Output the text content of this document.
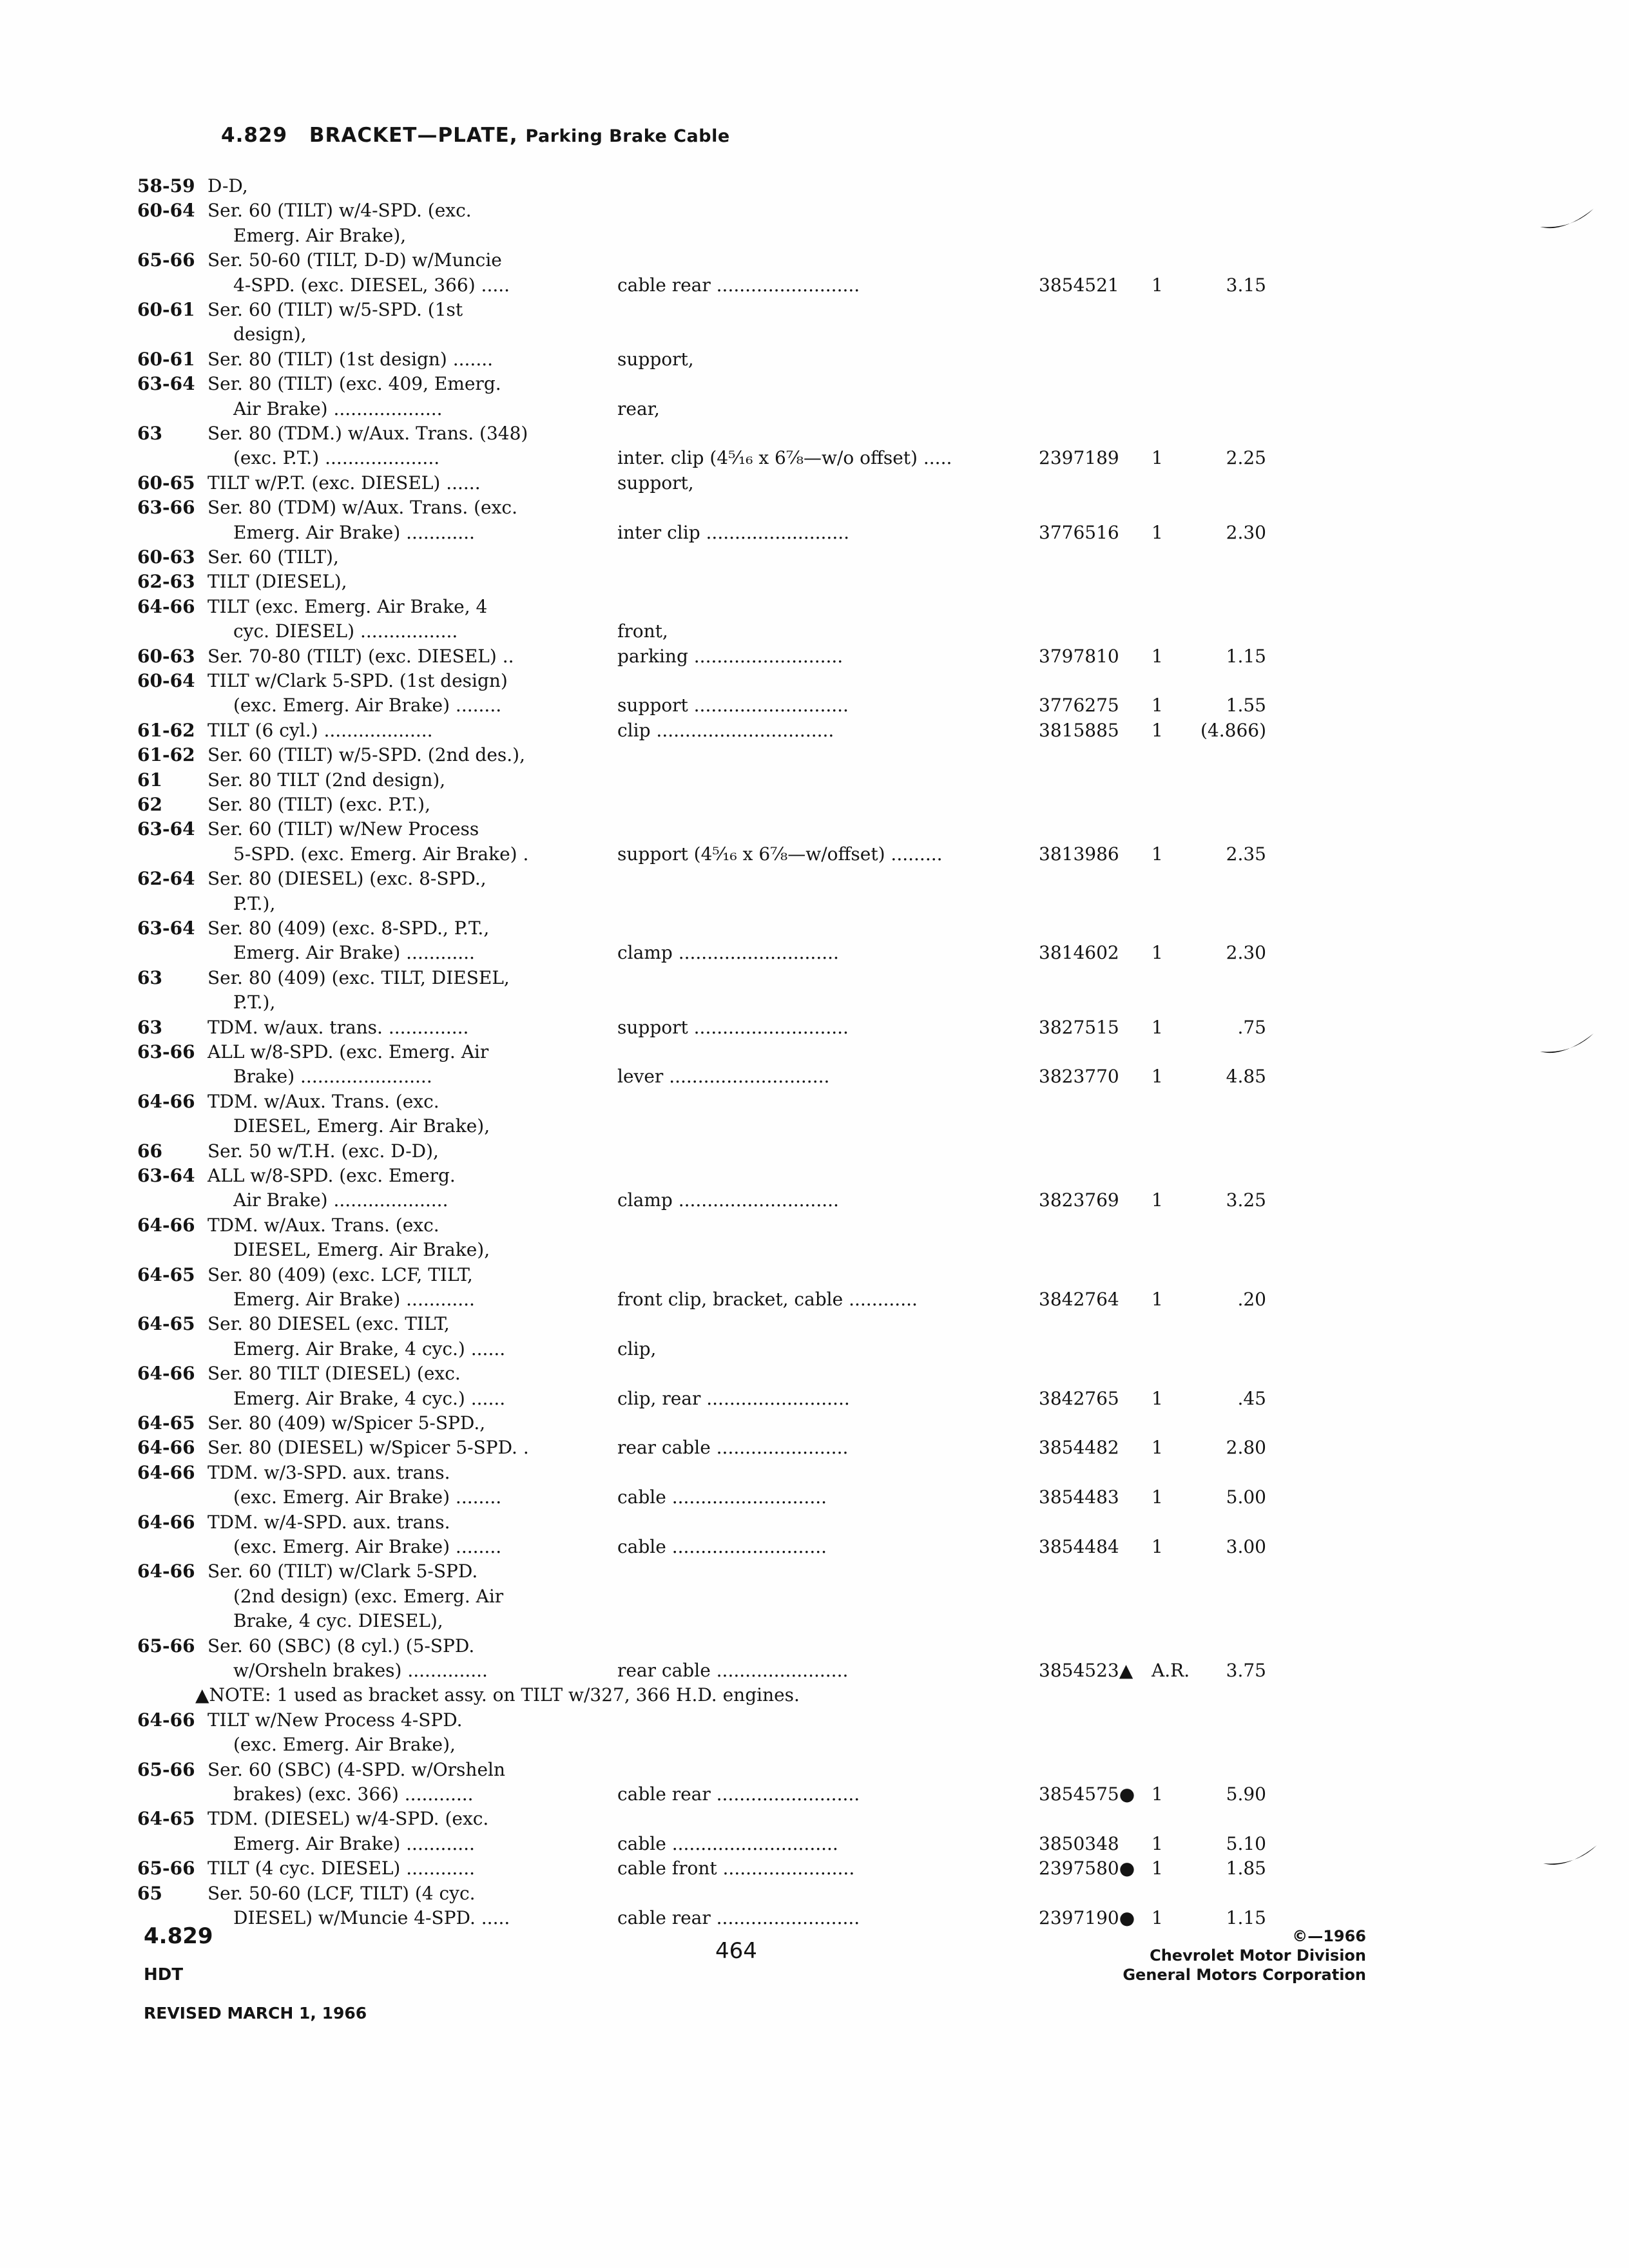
4.829 BRACKET—PLATE, Parking Brake Cable
58-59 D-D,
60-64 Ser. 60 (TILT) w/4-SPD. (exc.
Emerg. Air Brake),
65-66 Ser. 50-60 (TILT, D-D) w/Muncie
4-SPD. (exc. DIESEL, 366) .....	cable rear .........................	3854521 1	3.15
60-61 Ser. 60 (TILT) w/5-SPD. (1st
design),
60-61 Ser. 80 (TILT) (1st design) .......	support,
63-64 Ser. 80 (TILT) (exc. 409, Emerg.
Air Brake) ...................	rear,
63	Ser. 80 (TDM.) w/Aux. Trans. (348)
(exc. P.T.) ....................	inter. clip (4⁵⁄₁₆ x 6⁷⁄₈—w/o offset) .....	2397189 1	2.25
60-65 TILT w/P.T. (exc. DIESEL) ......	support,
63-66 Ser. 80 (TDM) w/Aux. Trans. (exc.
Emerg. Air Brake) ............	inter clip .........................	3776516 1	2.30
60-63 Ser. 60 (TILT),
62-63 TILT (DIESEL),
64-66 TILT (exc. Emerg. Air Brake, 4
cyc. DIESEL) .................	front,
60-63 Ser. 70-80 (TILT) (exc. DIESEL) ..	parking ..........................	3797810 1	1.15
60-64 TILT w/Clark 5-SPD. (1st design)
(exc. Emerg. Air Brake) ........	support ...........................	3776275 1	1.55
61-62 TILT (6 cyl.) ...................	clip ...............................	3815885 1	(4.866)
61-62 Ser. 60 (TILT) w/5-SPD. (2nd des.),
61	Ser. 80 TILT (2nd design),
62	Ser. 80 (TILT) (exc. P.T.),
63-64 Ser. 60 (TILT) w/New Process
5-SPD. (exc. Emerg. Air Brake) .	support (4⁵⁄₁₆ x 6⁷⁄₈—w/offset) .........	3813986 1	2.35
62-64 Ser. 80 (DIESEL) (exc. 8-SPD.,
P.T.),
63-64 Ser. 80 (409) (exc. 8-SPD., P.T.,
Emerg. Air Brake) ............	clamp ............................	3814602 1	2.30
63	Ser. 80 (409) (exc. TILT, DIESEL,
P.T.),
63	TDM. w/aux. trans. ..............	support ...........................	3827515 1	.75
63-66 ALL w/8-SPD. (exc. Emerg. Air
Brake) .......................	lever ............................	3823770 1	4.85
64-66 TDM. w/Aux. Trans. (exc.
DIESEL, Emerg. Air Brake),
66	Ser. 50 w/T.H. (exc. D-D),
63-64 ALL w/8-SPD. (exc. Emerg.
Air Brake) ....................	clamp ............................	3823769 1	3.25
64-66 TDM. w/Aux. Trans. (exc.
DIESEL, Emerg. Air Brake),
64-65 Ser. 80 (409) (exc. LCF, TILT,
Emerg. Air Brake) ............	front clip, bracket, cable ............	3842764 1	.20
64-65 Ser. 80 DIESEL (exc. TILT,
Emerg. Air Brake, 4 cyc.) ......	clip,
64-66 Ser. 80 TILT (DIESEL) (exc.
Emerg. Air Brake, 4 cyc.) ......	clip, rear .........................	3842765 1	.45
64-65 Ser. 80 (409) w/Spicer 5-SPD.,
64-66 Ser. 80 (DIESEL) w/Spicer 5-SPD. .	rear cable .......................	3854482 1	2.80
64-66 TDM. w/3-SPD. aux. trans.
(exc. Emerg. Air Brake) ........	cable ...........................	3854483 1	5.00
64-66 TDM. w/4-SPD. aux. trans.
(exc. Emerg. Air Brake) ........	cable ...........................	3854484 1	3.00
64-66 Ser. 60 (TILT) w/Clark 5-SPD.
(2nd design) (exc. Emerg. Air
Brake, 4 cyc. DIESEL),
65-66 Ser. 60 (SBC) (8 cyl.) (5-SPD.
w/Orsheln brakes) ..............	rear cable .......................	3854523▲ A.R.	3.75
▲NOTE: 1 used as bracket assy. on TILT w/327, 366 H.D. engines.
64-66 TILT w/New Process 4-SPD.
(exc. Emerg. Air Brake),
65-66 Ser. 60 (SBC) (4-SPD. w/Orsheln
brakes) (exc. 366) ............	cable rear .........................	3854575● 1	5.90
64-65 TDM. (DIESEL) w/4-SPD. (exc.
Emerg. Air Brake) ............	cable .............................	3850348 1	5.10
65-66 TILT (4 cyc. DIESEL) ............	cable front .......................	2397580● 1	1.85
65	Ser. 50-60 (LCF, TILT) (4 cyc.
DIESEL) w/Muncie 4-SPD. .....	cable rear .........................	2397190● 1	1.15
4.829
HDT
REVISED MARCH 1, 1966
464
©—1966
Chevrolet Motor Division
General Motors Corporation
